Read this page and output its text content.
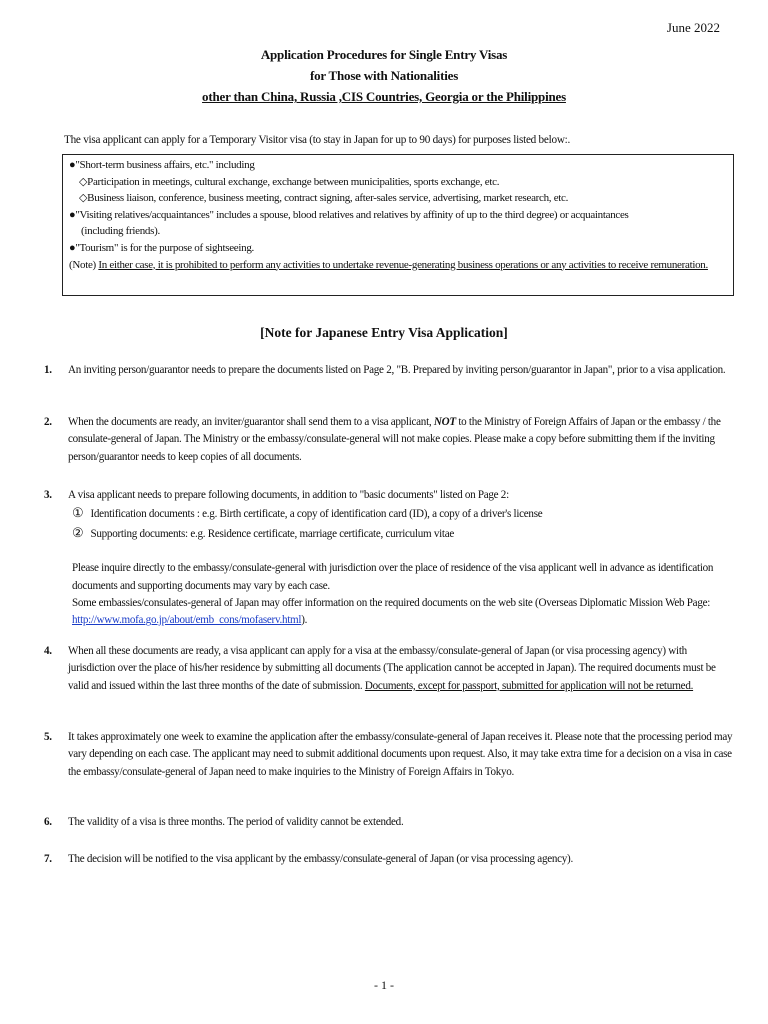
June 2022
Application Procedures for Single Entry Visas
for Those with Nationalities
other than China, Russia ,CIS Countries, Georgia or the Philippines
The visa applicant can apply for a Temporary Visitor visa (to stay in Japan for up to 90 days) for purposes listed below:.
●"Short-term business affairs, etc." including
◇Participation in meetings, cultural exchange, exchange between municipalities, sports exchange, etc.
◇Business liaison, conference, business meeting, contract signing, after-sales service, advertising, market research, etc.
●"Visiting relatives/acquaintances" includes a spouse, blood relatives and relatives by affinity of up to the third degree) or acquaintances
(including friends).
●"Tourism" is for the purpose of sightseeing.
(Note) In either case, it is prohibited to perform any activities to undertake revenue-generating business operations or any activities to receive remuneration.
[Note for Japanese Entry Visa Application]
1. An inviting person/guarantor needs to prepare the documents listed on Page 2, "B. Prepared by inviting person/guarantor in Japan", prior to a visa application.

2. When the documents are ready, an inviter/guarantor shall send them to a visa applicant, NOT to the Ministry of Foreign Affairs of Japan or the embassy / the consulate-general of Japan. The Ministry or the embassy/consulate-general will not make copies. Please make a copy before submitting them if the inviting person/guarantor needs to keep copies of all documents.

3. A visa applicant needs to prepare following documents, in addition to "basic documents" listed on Page 2:

① Identification documents : e.g. Birth certificate, a copy of identification card (ID), a copy of a driver's license

② Supporting documents: e.g. Residence certificate, marriage certificate, curriculum vitae

Please inquire directly to the embassy/consulate-general with jurisdiction over the place of residence of the visa applicant well in advance as identification documents and supporting documents may vary by each case.

Some embassies/consulates-general of Japan may offer information on the required documents on the web site (Overseas Diplomatic Mission Web Page: http://www.mofa.go.jp/about/emb_cons/mofaserv.html).

4. When all these documents are ready, a visa applicant can apply for a visa at the embassy/consulate-general of Japan (or visa processing agency) with jurisdiction over the place of his/her residence by submitting all documents (The application cannot be accepted in Japan). The required documents must be valid and issued within the last three months of the date of submission. Documents, except for passport, submitted for application will not be returned.

5. It takes approximately one week to examine the application after the embassy/consulate-general of Japan receives it. Please note that the processing period may vary depending on each case. The applicant may need to submit additional documents upon request. Also, it may take extra time for a decision on a visa in case the embassy/consulate-general of Japan need to make inquiries to the Ministry of Foreign Affairs in Tokyo.

6. The validity of a visa is three months. The period of validity cannot be extended.

7. The decision will be notified to the visa applicant by the embassy/consulate-general of Japan (or visa processing agency).

- 1 -
